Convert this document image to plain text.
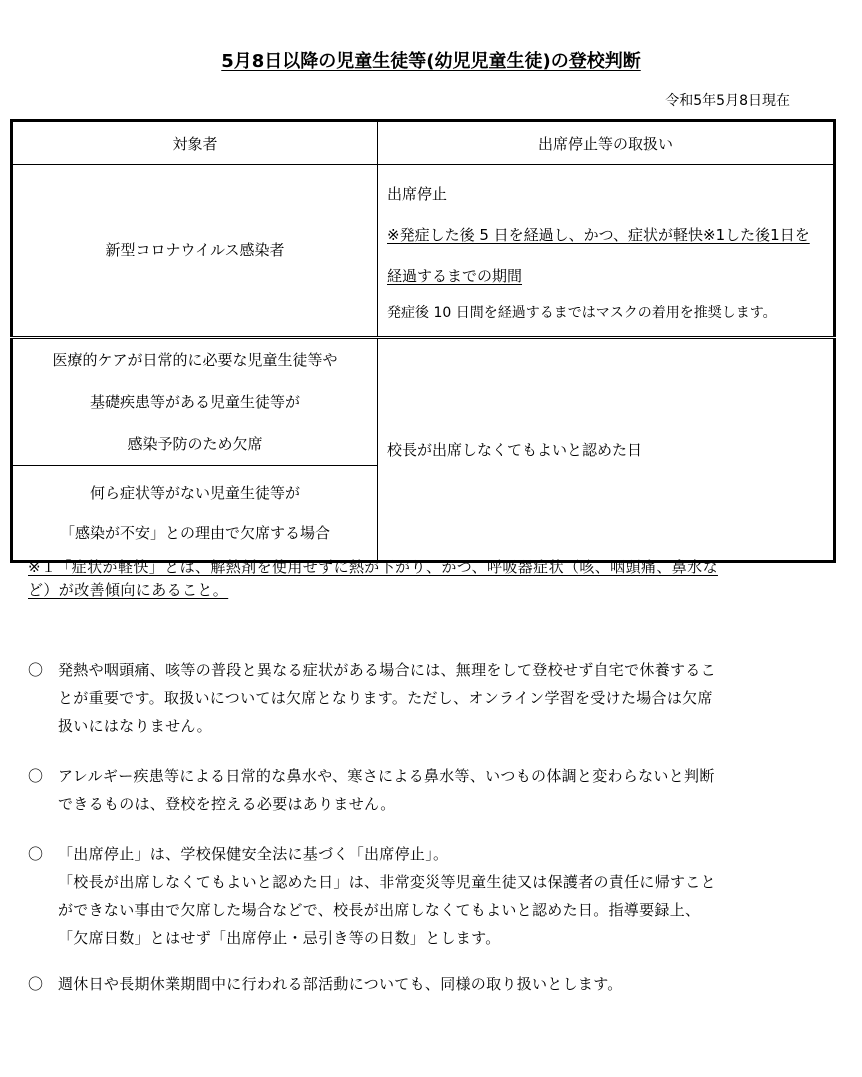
5月8日以降の児童生徒等(幼児児童生徒)の登校判断
令和5年5月8日現在
対象者	出席停止等の取扱い
新型コロナウイルス感染者	出席停止
※発症した後 5 日を経過し、かつ、症状が軽快※1した後1日を
経過するまでの期間
発症後 10 日間を経過するまではマスクの着用を推奨します。

医療的ケアが日常的に必要な児童生徒等や
基礎疾患等がある児童生徒等が
感染予防のため欠席	校長が出席しなくてもよいと認めた日

何ら症状等がない児童生徒等が
「感染が不安」との理由で欠席する場合	
※１「症状が軽快」とは、解熱剤を使用せずに熱が下がり、かつ、呼吸器症状（咳、咽頭痛、鼻水な
ど）が改善傾向にあること。
〇 発熱や咽頭痛、咳等の普段と異なる症状がある場合には、無理をして登校せず自宅で休養するこ
とが重要です。取扱いについては欠席となります。ただし、オンライン学習を受けた場合は欠席
扱いにはなりません。
〇 アレルギー疾患等による日常的な鼻水や、寒さによる鼻水等、いつもの体調と変わらないと判断
できるものは、登校を控える必要はありません。
〇 「出席停止」は、学校保健安全法に基づく「出席停止」。
「校長が出席しなくてもよいと認めた日」は、非常変災等児童生徒又は保護者の責任に帰すこと
ができない事由で欠席した場合などで、校長が出席しなくてもよいと認めた日。指導要録上、
「欠席日数」とはせず「出席停止・忌引き等の日数」とします。
〇 週休日や長期休業期間中に行われる部活動についても、同様の取り扱いとします。
